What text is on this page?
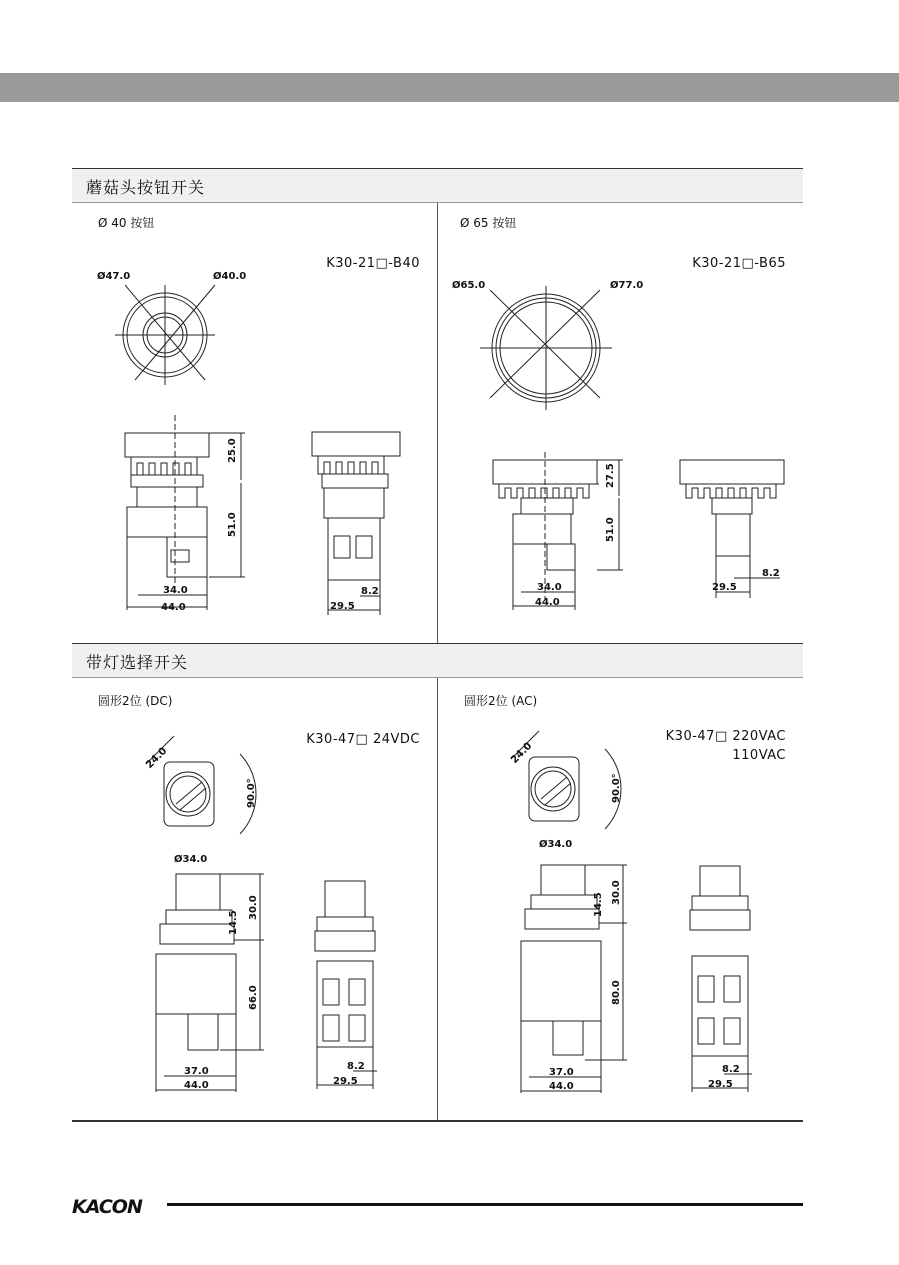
蘑菇头按钮开关
带灯选择开关
Ø 40 按钮
K30-21□-B40
Ø 65 按钮
K30-21□-B65
圆形2位 (DC)
K30-47□ 24VDC
圆形2位 (AC)
K30-47□ 220VAC
110VAC
Ø47.0	Ø40.0
25.0
51.0
34.0
44.0
8.2
29.5
Ø65.0	Ø77.0
27.5
51.0
34.0
44.0
8.2
29.5
24.0
90.0°
Ø34.0
30.0
14.5
66.0
37.0
44.0
8.2
29.5
24.0
90.0°
Ø34.0
30.0
14.5
80.0
37.0
44.0
8.2
29.5
KACON
